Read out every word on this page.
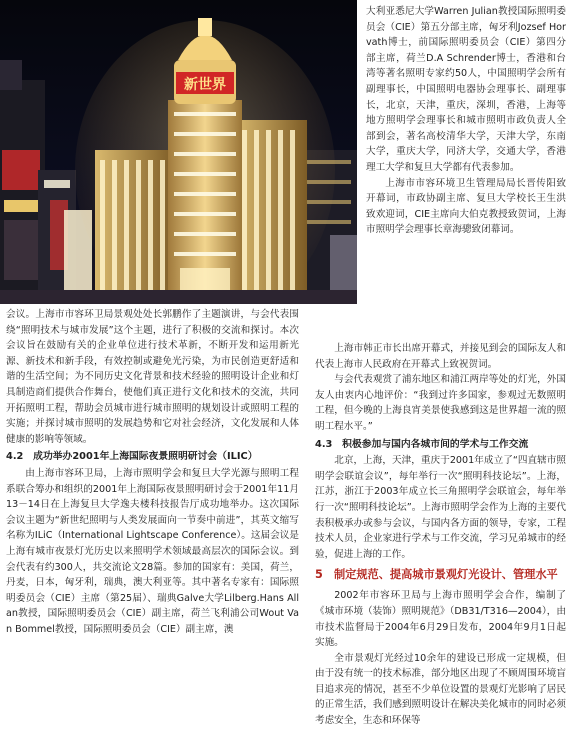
新世界

大利亚悉尼大学Warren Julian教授国际照明委员会（CIE）第五分部主席，匈牙利Jozsef Horvath博士，前国际照明委员会（CIE）第四分部主席，荷兰D.A Schrender博士，香港和台湾等著名照明专家约50人，中国照明学会所有副理事长，中国照明电器协会理事长、副理事长，北京，天津，重庆，深圳，香港，上海等地方照明学会理事长和城市照明市政负责人全部到会，著名高校清华大学，天津大学，东南大学，重庆大学，同济大学，交通大学，香港理工大学和复旦大学都有代表参加。

上海市市容环境卫生管理局局长晋传阳致开幕词，市政协副主席、复旦大学校长王生洪致欢迎词，CIE主席向大伯克教授致贺词，上海市照明学会理事长章海骢致闭幕词。

会议。上海市市容环卫局景观处处长郭鹏作了主题演讲，与会代表围绕“照明技术与城市发展”这个主题，进行了积极的交流和探讨。本次会议旨在鼓励有关的企业单位进行技术革新，不断开发和运用新光源、新技术和新手段，有效控制或避免光污染，为市民创造更舒适和谐的生活空间；为不同历史文化背景和技术经验的照明设计企业和灯具制造商们提供合作舞台，使他们真正进行文化和技术的交流，共同开拓照明工程，帮助会员城市进行城市照明的规划设计或照明工程的实施；并探讨城市照明的发展趋势和它对社会经济，文化发展和人体健康的影响等领域。

4.2　成功举办2001年上海国际夜景照明研讨会（ILIC）

由上海市容环卫局，上海市照明学会和复旦大学光源与照明工程系联合筹办和组织的2001年上海国际夜景照明研讨会于2001年11月13－14日在上海复旦大学逸夫楼科技报告厅成功地举办。这次国际会议主题为“新世纪照明与人类发展面向一节奏中前进”，其英文缩写名称为ILiC（International Lightscape Conference）。这届会议是上海有城市夜景灯光历史以来照明学术领域最高层次的国际会议。到会代表有约300人，共交流论文28篇。参加的国家有：美国，荷兰，丹麦，日本，匈牙利，瑞典，澳大利亚等。其中著名专家有：国际照明委员会（CIE）主席（第25届）、瑞典Galve大学Lilberg.Hans Allan教授，国际照明委员会（CIE）副主席，荷兰飞利浦公司Wout Van Bommel教授，国际照明委员会（CIE）副主席，澳

上海市韩正市长出席开幕式，并接见到会的国际友人和代表上海市人民政府在开幕式上致祝贺词。

与会代表观赏了浦东地区和浦江两岸等处的灯光，外国友人由衷内心地评价：“我到过许多国家，参观过无数照明工程，但今晚的上海良宵美景使我感到这是世界超一流的照明工程水平。”

4.3　积极参加与国内各城市间的学术与工作交流

北京，上海，天津，重庆于2001年成立了“四直辖市照明学会联谊会议”，每年举行一次“照明科技论坛”。上海，江苏，浙江于2003年成立长三角照明学会联谊会，每年举行一次“照明科技论坛”。上海市照明学会作为上海的主要代表积极承办或参与会议，与国内各方面的领导，专家，工程技术人员，企业家进行学术与工作交流，学习兄弟城市的经验，促进上海的工作。

5　制定规范、提高城市景观灯光设计、管理水平

2002年市容环卫局与上海市照明学会合作，编制了《城市环境（装饰）照明规范》（DB31/T316—2004），由市技术监督局于2004年6月29日发布，2004年9月1日起实施。

全市景观灯光经过10余年的建设已形成一定规模，但由于没有统一的技术标准，部分地区出现了不顾周围环境盲目追求亮的情况，甚至不少单位设置的景观灯光影响了居民的正常生活，我们感到照明设计在解决美化城市的同时必须考虑安全，生态和环保等
